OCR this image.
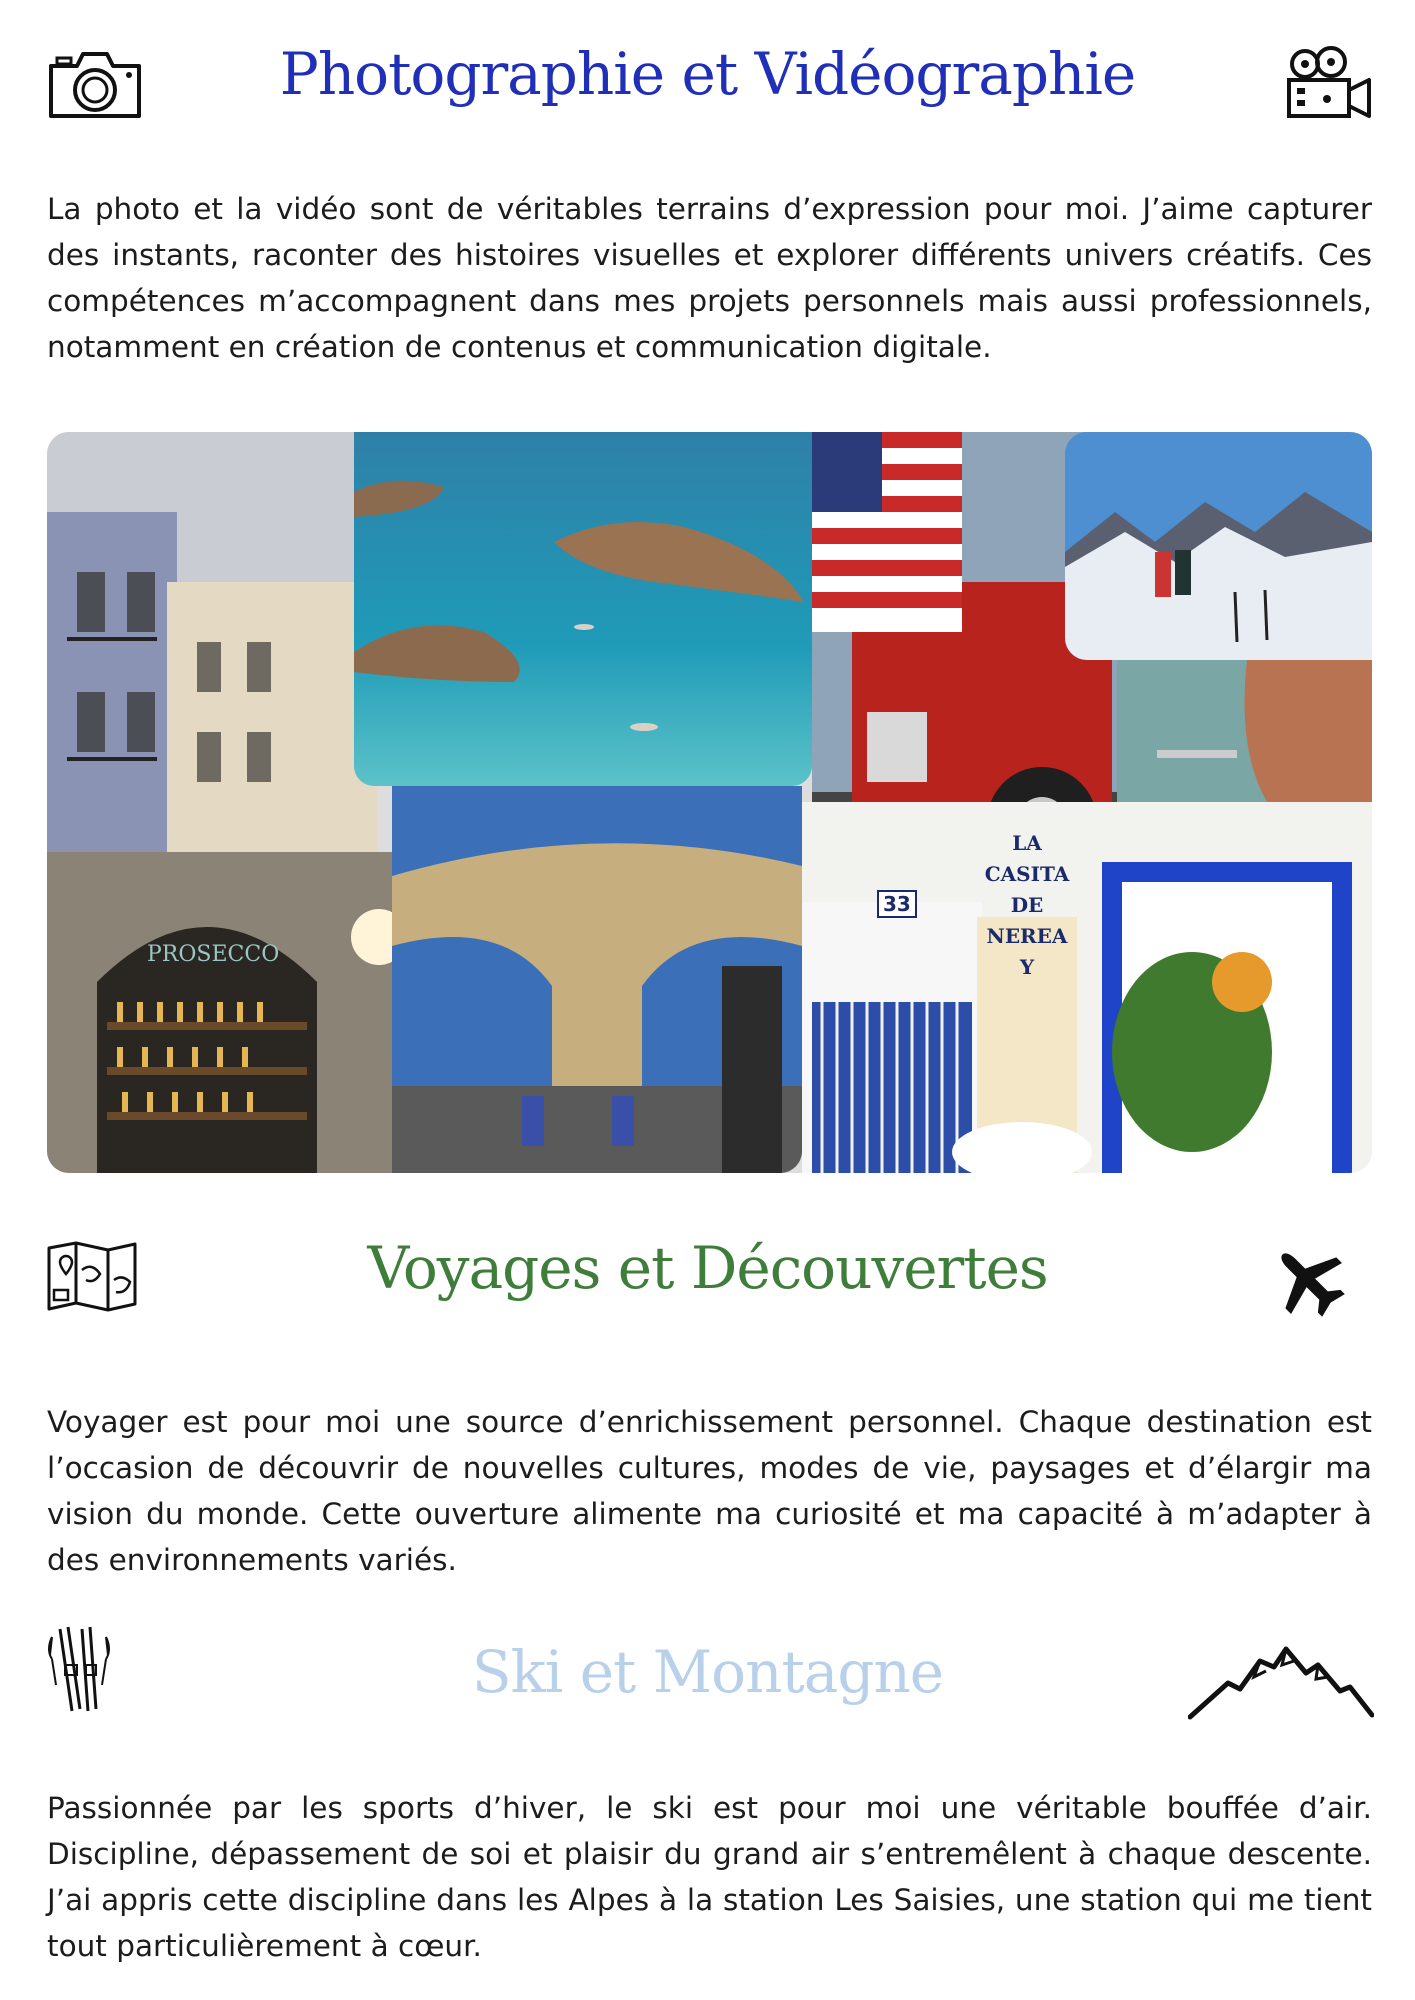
Photographie et Vidéographie
La photo et la vidéo sont de véritables terrains d’expression pour moi. J’aime capturer des instants, raconter des histoires visuelles et explorer différents univers créatifs. Ces compétences m’accompagnent dans mes projets personnels mais aussi professionnels, notamment en création de contenus et communication digitale.
PROSECCO
33
LA
CASITA
DE
NEREA
Y
Voyages et Découvertes
Voyager est pour moi une source d’enrichissement personnel. Chaque destination est l’occasion de découvrir de nouvelles cultures, modes de vie, paysages et d’élargir ma vision du monde. Cette ouverture alimente ma curiosité et ma capacité à m’adapter à des environnements variés.
Ski et Montagne
Passionnée par les sports d’hiver, le ski est pour moi une véritable bouffée d’air. Discipline, dépassement de soi et plaisir du grand air s’entremêlent à chaque descente. J’ai appris cette discipline dans les Alpes à la station Les Saisies, une station qui me tient tout particulièrement à cœur.
